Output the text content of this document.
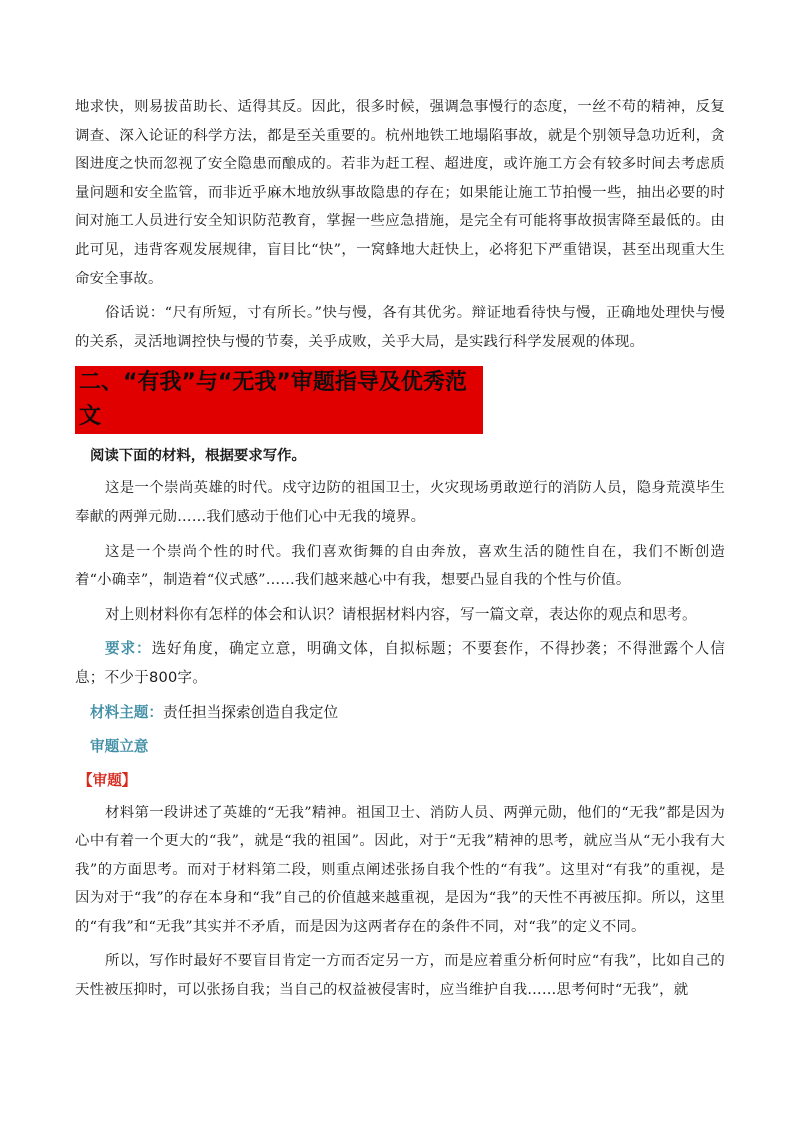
地求快，则易拔苗助长、适得其反。因此，很多时候，强调急事慢行的态度，一丝不苟的精神，反复调查、深入论证的科学方法，都是至关重要的。杭州地铁工地塌陷事故，就是个别领导急功近利，贪图进度之快而忽视了安全隐患而酿成的。若非为赶工程、超进度，或许施工方会有较多时间去考虑质量问题和安全监管，而非近乎麻木地放纵事故隐患的存在；如果能让施工节拍慢一些，抽出必要的时间对施工人员进行安全知识防范教育，掌握一些应急措施，是完全有可能将事故损害降至最低的。由此可见，违背客观发展规律，盲目比“快”，一窝蜂地大赶快上，必将犯下严重错误，甚至出现重大生命安全事故。

俗话说：“尺有所短，寸有所长。”快与慢，各有其优劣。辩证地看待快与慢，正确地处理快与慢的关系，灵活地调控快与慢的节奏，关乎成败，关乎大局，是实践行科学发展观的体现。

二、“有我”与“无我”审题指导及优秀范文

阅读下面的材料，根据要求写作。

这是一个崇尚英雄的时代。戍守边防的祖国卫士，火灾现场勇敢逆行的消防人员，隐身荒漠毕生奉献的两弹元勋……我们感动于他们心中无我的境界。

这是一个崇尚个性的时代。我们喜欢街舞的自由奔放，喜欢生活的随性自在，我们不断创造着“小确幸”，制造着“仪式感”……我们越来越心中有我，想要凸显自我的个性与价值。

对上则材料你有怎样的体会和认识？请根据材料内容，写一篇文章，表达你的观点和思考。

要求：选好角度，确定立意，明确文体，自拟标题；不要套作，不得抄袭；不得泄露个人信息；不少于800字。

材料主题：责任担当探索创造自我定位

审题立意

【审题】

材料第一段讲述了英雄的“无我”精神。祖国卫士、消防人员、两弹元勋，他们的“无我”都是因为心中有着一个更大的“我”，就是“我的祖国”。因此，对于“无我”精神的思考，就应当从“无小我有大我”的方面思考。而对于材料第二段，则重点阐述张扬自我个性的“有我”。这里对“有我”的重视，是因为对于“我”的存在本身和“我”自己的价值越来越重视，是因为“我”的天性不再被压抑。所以，这里的“有我”和“无我”其实并不矛盾，而是因为这两者存在的条件不同，对“我”的定义不同。

所以，写作时最好不要盲目肯定一方而否定另一方，而是应着重分析何时应“有我”，比如自己的天性被压抑时，可以张扬自我；当自己的权益被侵害时，应当维护自我……思考何时“无我”，就
